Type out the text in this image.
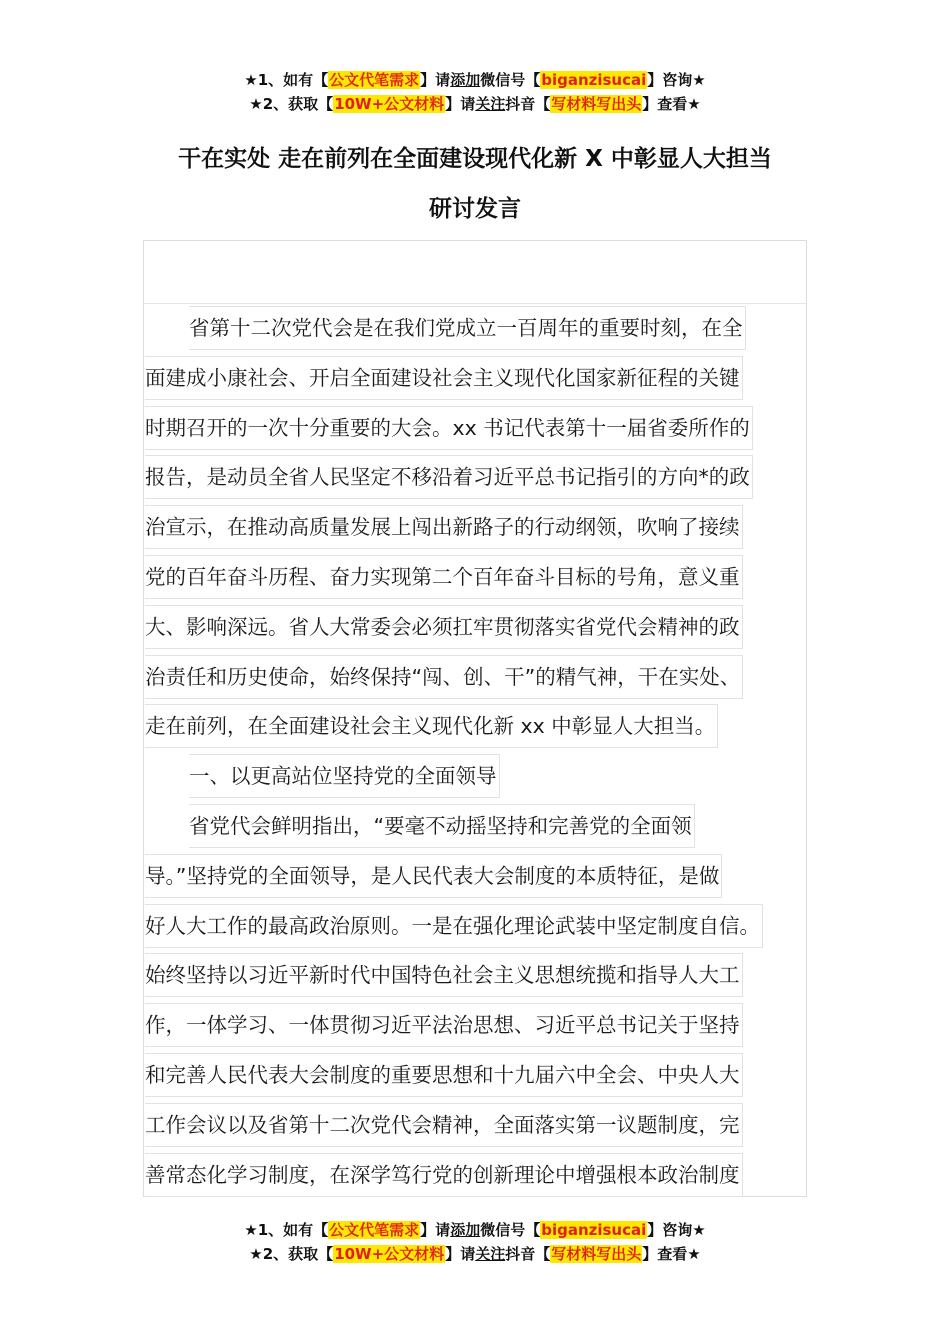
★1、如有【公文代笔需求】请添加微信号【biganzisucai】咨询★
★2、获取【10W+公文材料】请关注抖音【写材料写出头】查看★
干在实处 走在前列在全面建设现代化新 X 中彰显人大担当
研讨发言
省第十二次党代会是在我们党成立一百周年的重要时刻，在全
面建成小康社会、开启全面建设社会主义现代化国家新征程的关键
时期召开的一次十分重要的大会。xx 书记代表第十一届省委所作的
报告，是动员全省人民坚定不移沿着习近平总书记指引的方向*的政
治宣示，在推动高质量发展上闯出新路子的行动纲领，吹响了接续
党的百年奋斗历程、奋力实现第二个百年奋斗目标的号角，意义重
大、影响深远。省人大常委会必须扛牢贯彻落实省党代会精神的政
治责任和历史使命，始终保持“闯、创、干”的精气神，干在实处、
走在前列，在全面建设社会主义现代化新 xx 中彰显人大担当。
一、以更高站位坚持党的全面领导
省党代会鲜明指出，“要毫不动摇坚持和完善党的全面领
导。”坚持党的全面领导，是人民代表大会制度的本质特征，是做
好人大工作的最高政治原则。一是在强化理论武装中坚定制度自信。
始终坚持以习近平新时代中国特色社会主义思想统揽和指导人大工
作，一体学习、一体贯彻习近平法治思想、习近平总书记关于坚持
和完善人民代表大会制度的重要思想和十九届六中全会、中央人大
工作会议以及省第十二次党代会精神，全面落实第一议题制度，完
善常态化学习制度，在深学笃行党的创新理论中增强根本政治制度
★1、如有【公文代笔需求】请添加微信号【biganzisucai】咨询★
★2、获取【10W+公文材料】请关注抖音【写材料写出头】查看★
